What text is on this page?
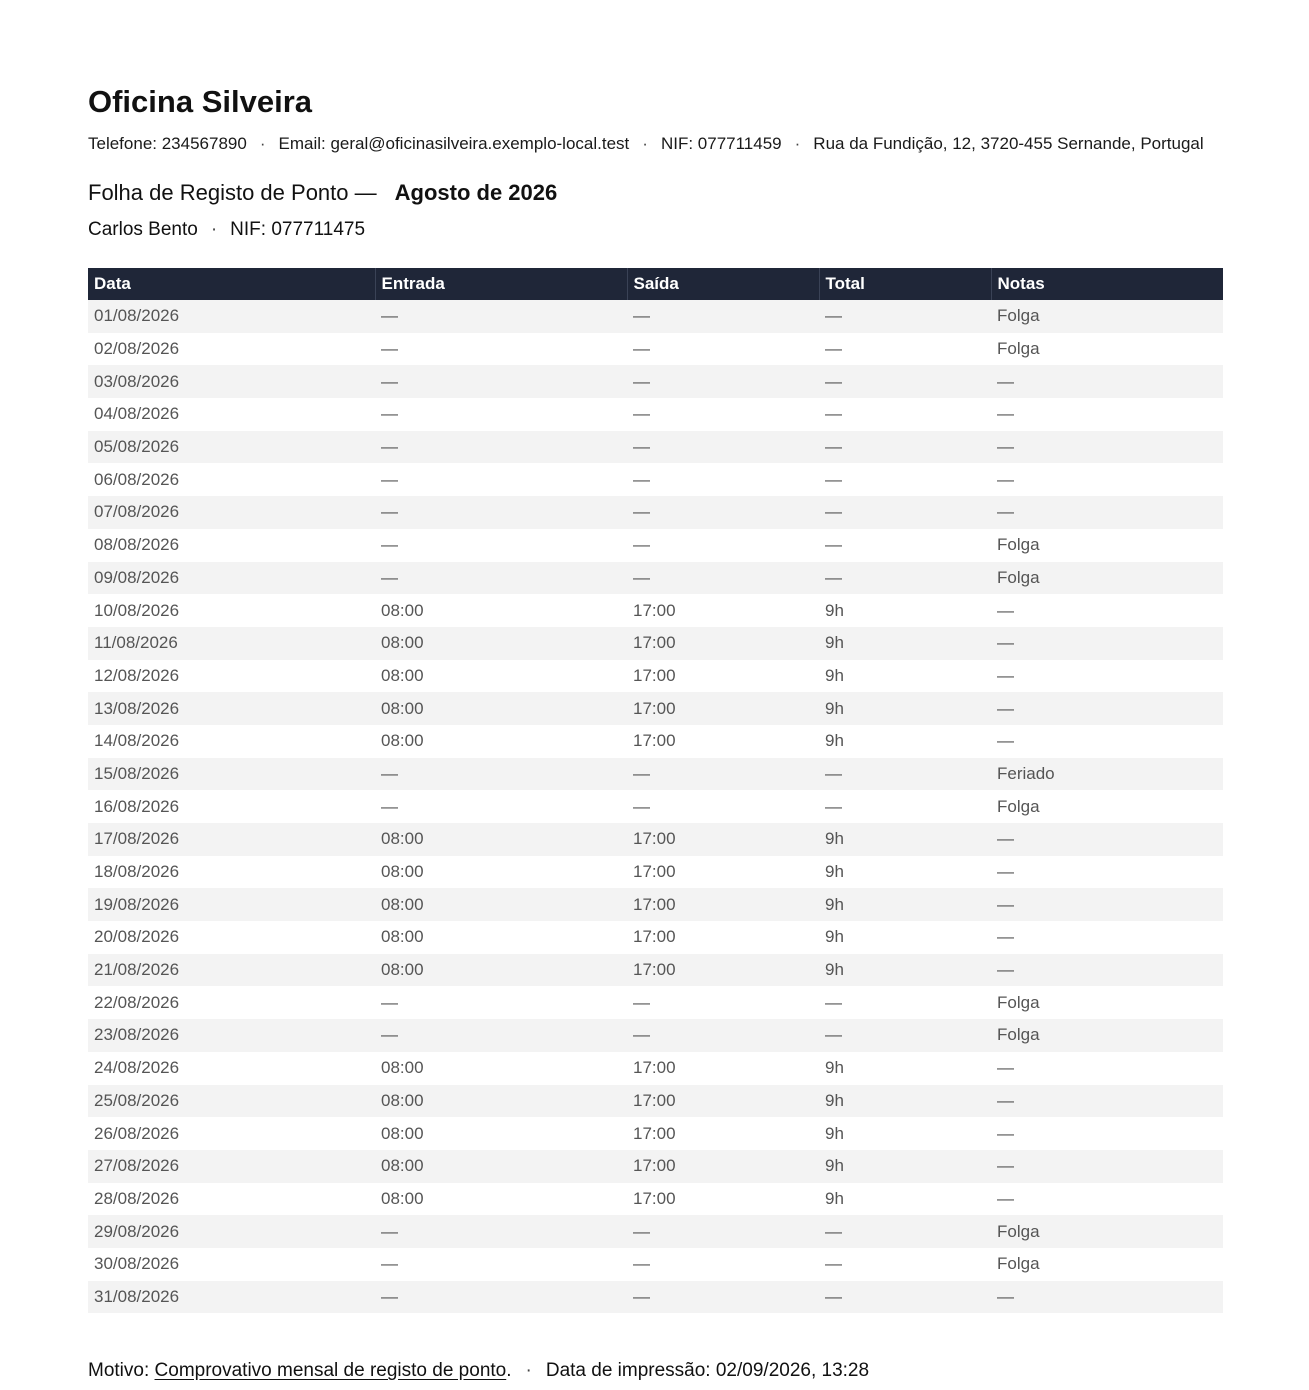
Oficina Silveira
Telefone: 234567890 · Email: geral@oficinasilveira.exemplo-local.test · NIF: 077711459 · Rua da Fundição, 12, 3720-455 Sernande, Portugal
Folha de Registo de Ponto — Agosto de 2026
Carlos Bento · NIF: 077711475
Data	Entrada	Saída	Total	Notas
01/08/2026	—	—	—	Folga
02/08/2026	—	—	—	Folga
03/08/2026	—	—	—	—
04/08/2026	—	—	—	—
05/08/2026	—	—	—	—
06/08/2026	—	—	—	—
07/08/2026	—	—	—	—
08/08/2026	—	—	—	Folga
09/08/2026	—	—	—	Folga
10/08/2026	08:00	17:00	9h	—
11/08/2026	08:00	17:00	9h	—
12/08/2026	08:00	17:00	9h	—
13/08/2026	08:00	17:00	9h	—
14/08/2026	08:00	17:00	9h	—
15/08/2026	—	—	—	Feriado
16/08/2026	—	—	—	Folga
17/08/2026	08:00	17:00	9h	—
18/08/2026	08:00	17:00	9h	—
19/08/2026	08:00	17:00	9h	—
20/08/2026	08:00	17:00	9h	—
21/08/2026	08:00	17:00	9h	—
22/08/2026	—	—	—	Folga
23/08/2026	—	—	—	Folga
24/08/2026	08:00	17:00	9h	—
25/08/2026	08:00	17:00	9h	—
26/08/2026	08:00	17:00	9h	—
27/08/2026	08:00	17:00	9h	—
28/08/2026	08:00	17:00	9h	—
29/08/2026	—	—	—	Folga
30/08/2026	—	—	—	Folga
31/08/2026	—	—	—	—
Motivo: Comprovativo mensal de registo de ponto. · Data de impressão: 02/09/2026, 13:28
